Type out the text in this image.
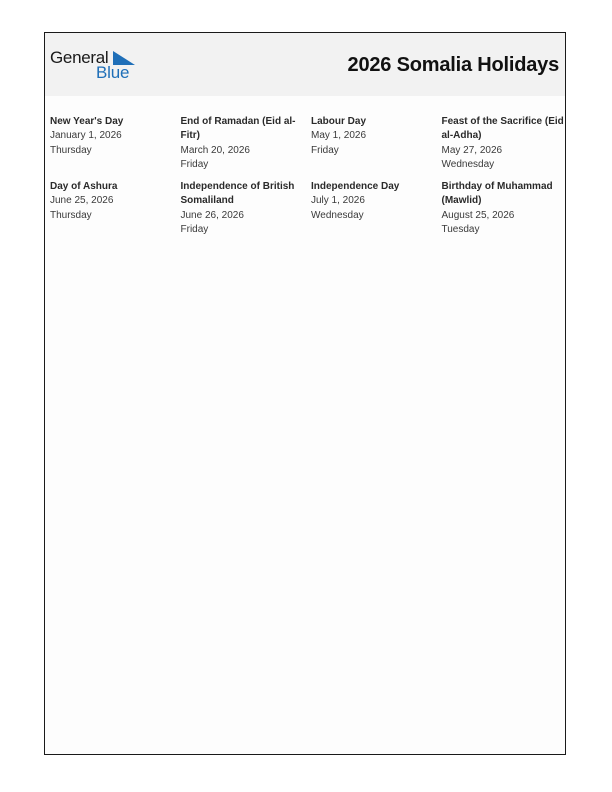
General
Blue	2026 Somalia Holidays
New Year's Day
January 1, 2026
Thursday
End of Ramadan (Eid al-Fitr)
March 20, 2026
Friday
Labour Day
May 1, 2026
Friday
Feast of the Sacrifice (Eid al-Adha)
May 27, 2026
Wednesday
Day of Ashura
June 25, 2026
Thursday
Independence of British Somaliland
June 26, 2026
Friday
Independence Day
July 1, 2026
Wednesday
Birthday of Muhammad (Mawlid)
August 25, 2026
Tuesday
